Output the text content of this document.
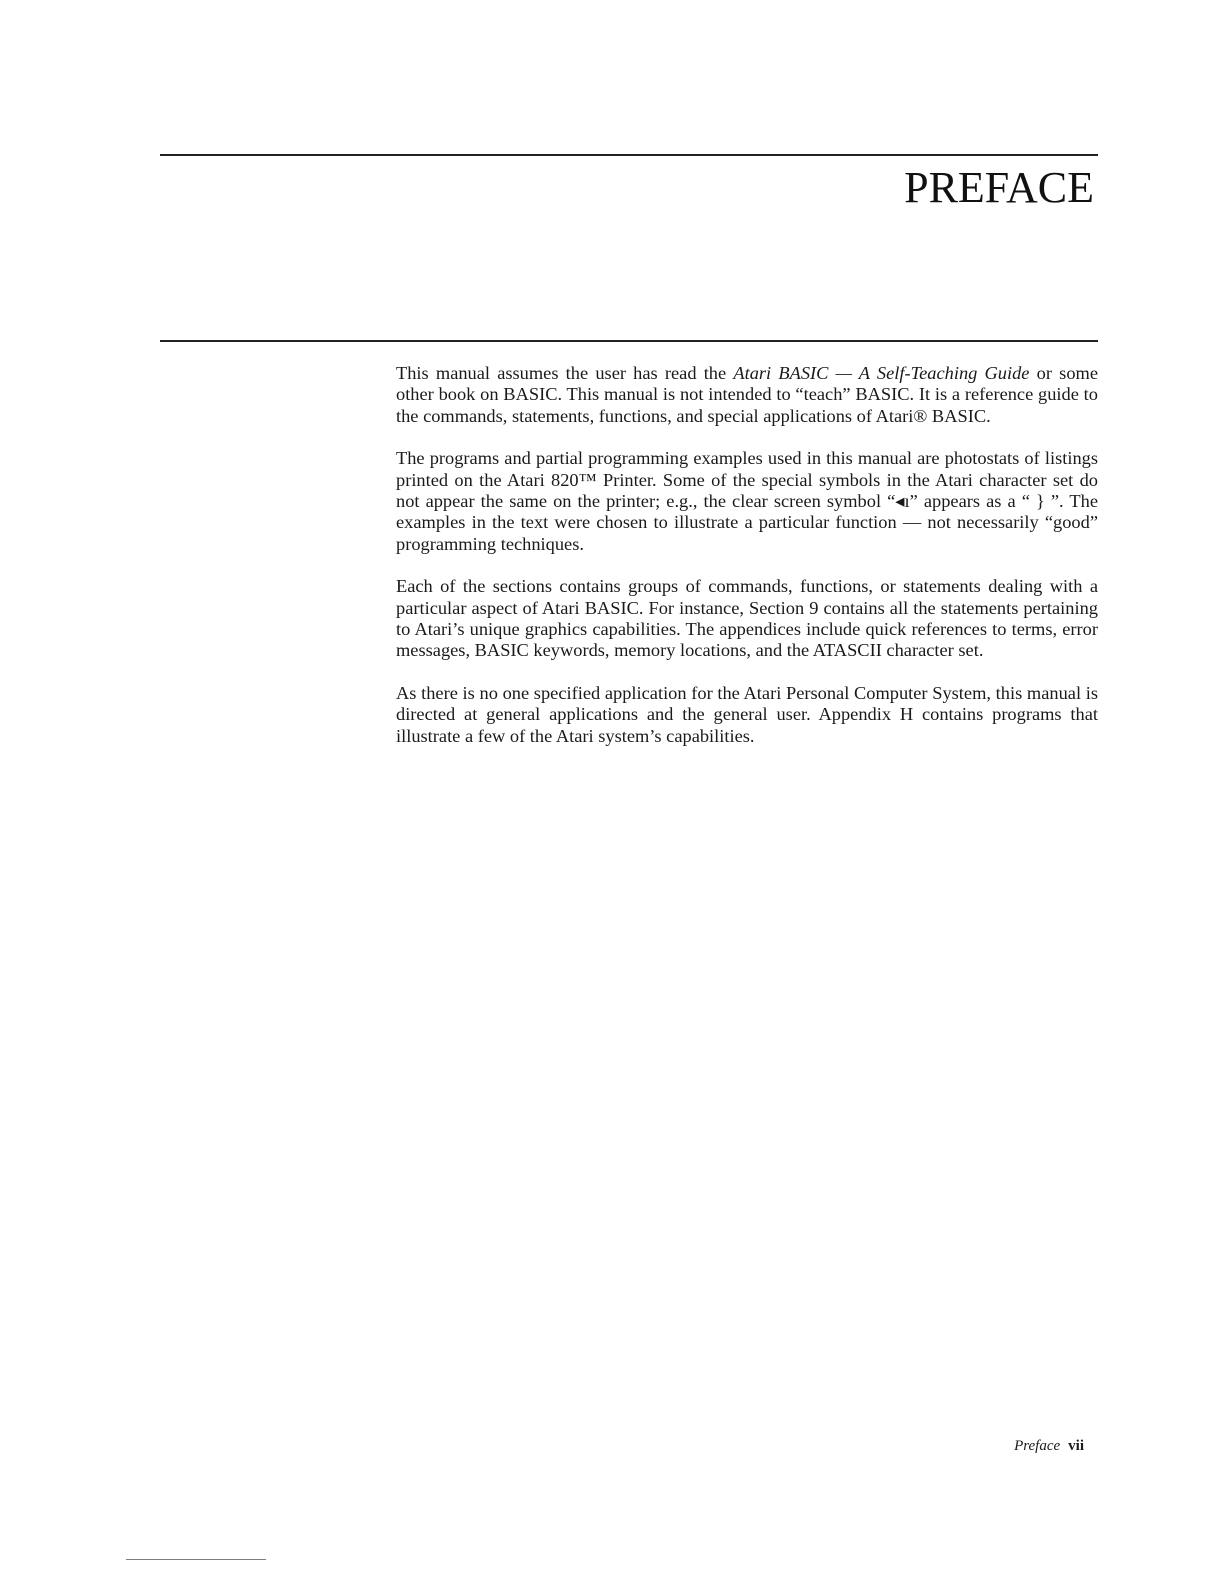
PREFACE

This manual assumes the user has read the Atari BASIC — A Self-Teaching Guide or some other book on BASIC. This manual is not intended to “teach” BASIC. It is a reference guide to the commands, statements, functions, and special applications of Atari® BASIC.

The programs and partial programming examples used in this manual are photostats of listings printed on the Atari 820™ Printer. Some of the special symbols in the Atari character set do not appear the same on the printer; e.g., the clear screen symbol “◂̵ı” appears as a “ } ”. The examples in the text were chosen to illustrate a particular function — not necessarily “good” programming techniques.

Each of the sections contains groups of commands, functions, or statements dealing with a particular aspect of Atari BASIC. For instance, Section 9 contains all the statements pertaining to Atari’s unique graphics capabilities. The appendices include quick references to terms, error messages, BASIC keywords, memory locations, and the ATASCII character set.

As there is no one specified application for the Atari Personal Computer System, this manual is directed at general applications and the general user. Appendix H contains programs that illustrate a few of the Atari system’s capabilities.

Preface vii
